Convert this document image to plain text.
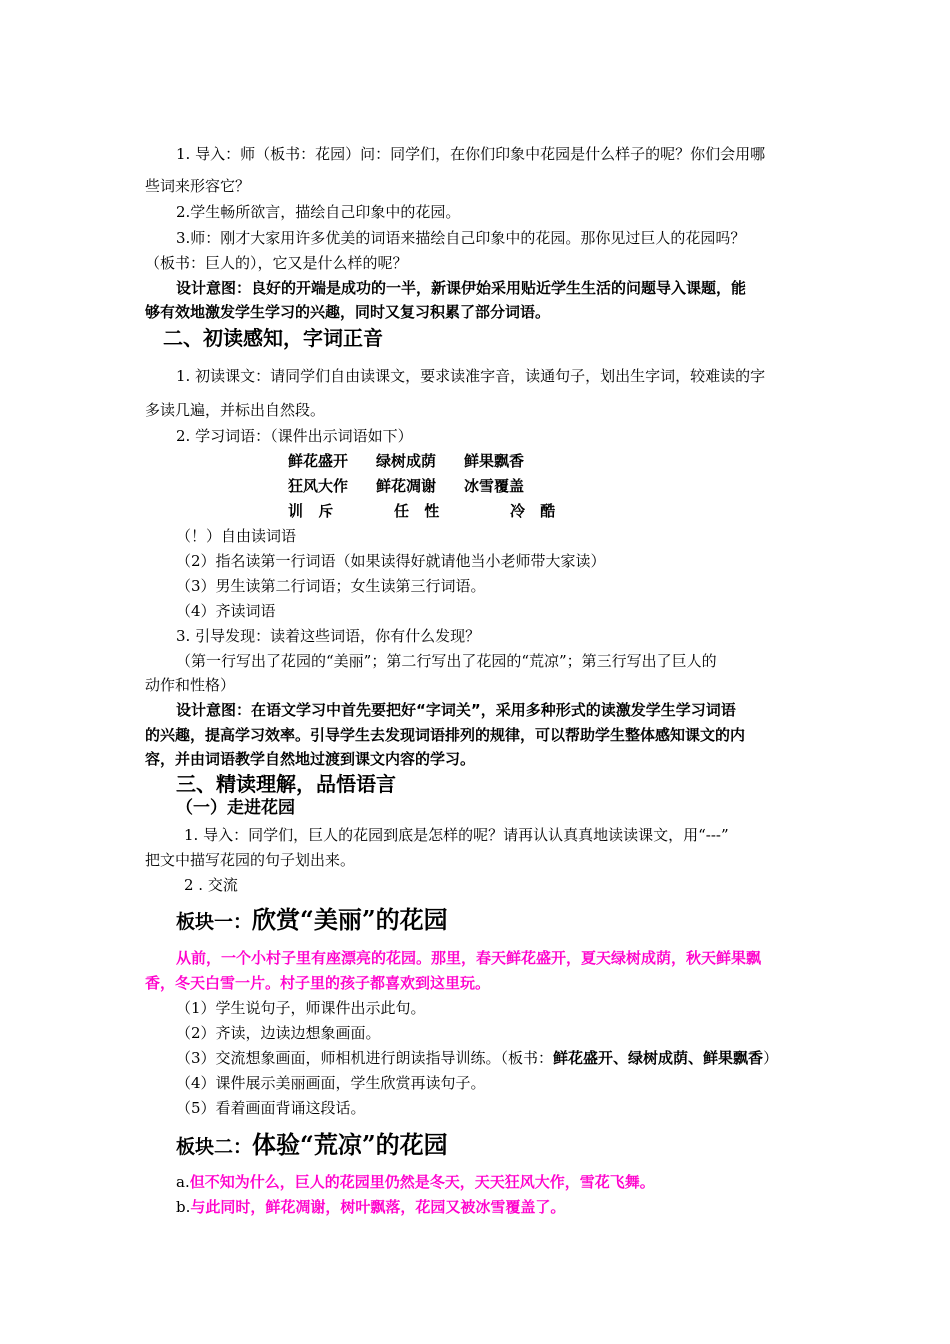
1. 导入：师（板书：花园）问：同学们，在你们印象中花园是什么样子的呢？你们会用哪
些词来形容它？
2.学生畅所欲言，描绘自己印象中的花园。
3.师：刚才大家用许多优美的词语来描绘自己印象中的花园。那你见过巨人的花园吗？
（板书：巨人的），它又是什么样的呢？
设计意图：良好的开端是成功的一半，新课伊始采用贴近学生生活的问题导入课题，能
够有效地激发学生学习的兴趣，同时又复习积累了部分词语。
二、初读感知，字词正音
1. 初读课文：请同学们自由读课文，要求读准字音，读通句子，划出生字词，较难读的字
多读几遍，并标出自然段。
2. 学习词语：（课件出示词语如下）
鲜花盛开 绿树成荫 鲜果飘香
狂风大作 鲜花凋谢 冰雪覆盖
训 斥	任 性	冷 酷
（！）自由读词语
（2）指名读第一行词语（如果读得好就请他当小老师带大家读）
（3）男生读第二行词语；女生读第三行词语。
（4）齐读词语
3. 引导发现：读着这些词语，你有什么发现？
（第一行写出了花园的“美丽”；第二行写出了花园的“荒凉”；第三行写出了巨人的
动作和性格）
设计意图：在语文学习中首先要把好“字词关”，采用多种形式的读激发学生学习词语
的兴趣，提高学习效率。引导学生去发现词语排列的规律，可以帮助学生整体感知课文的内
容，并由词语教学自然地过渡到课文内容的学习。
三、精读理解，品悟语言
（一）走进花园
1. 导入：同学们，巨人的花园到底是怎样的呢？请再认认真真地读读课文，用“---”
把文中描写花园的句子划出来。
2 . 交流
板块一：欣赏“美丽”的花园
从前，一个小村子里有座漂亮的花园。那里，春天鲜花盛开，夏天绿树成荫，秋天鲜果飘
香，冬天白雪一片。村子里的孩子都喜欢到这里玩。
（1）学生说句子，师课件出示此句。
（2）齐读，边读边想象画面。
（3）交流想象画面，师相机进行朗读指导训练。（板书：鲜花盛开、绿树成荫、鲜果飘香）
（4）课件展示美丽画面，学生欣赏再读句子。
（5）看着画面背诵这段话。
板块二：体验“荒凉”的花园
a.但不知为什么，巨人的花园里仍然是冬天，天天狂风大作，雪花飞舞。
b.与此同时，鲜花凋谢，树叶飘落，花园又被冰雪覆盖了。
